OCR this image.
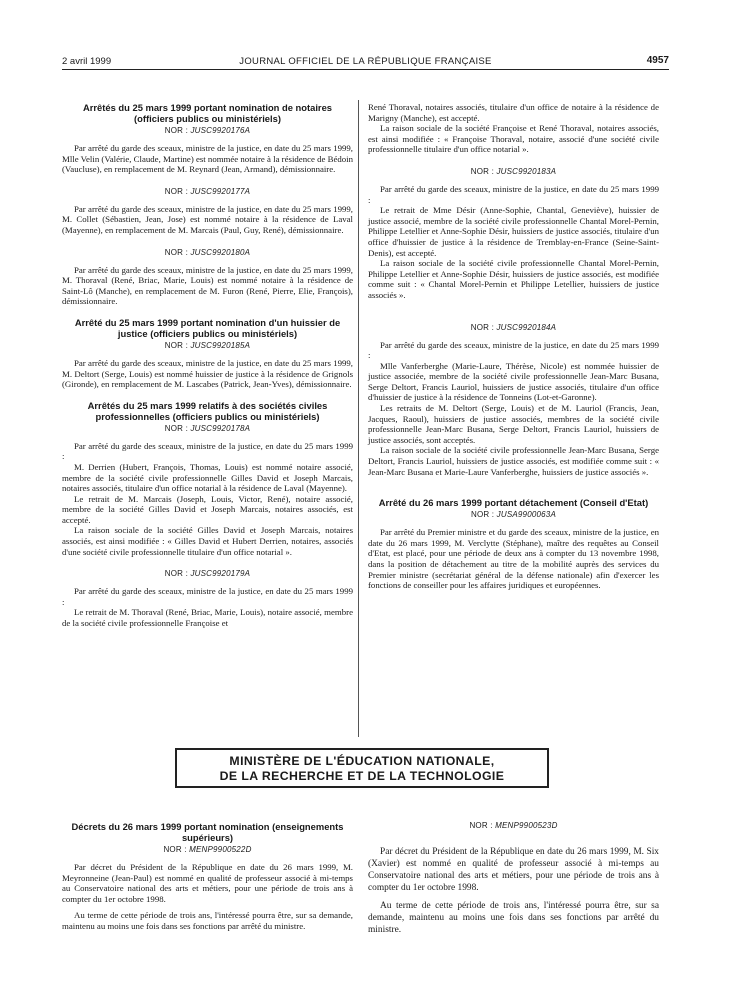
2 avril 1999	JOURNAL OFFICIEL DE LA RÉPUBLIQUE FRANÇAISE	4957
Arrêtés du 25 mars 1999 portant nomination de notaires (officiers publics ou ministériels)
NOR : JUSC9920176A

Par arrêté du garde des sceaux, ministre de la justice, en date du 25 mars 1999, Mlle Velin (Valérie, Claude, Martine) est nommée notaire à la résidence de Bédoin (Vaucluse), en remplacement de M. Reynard (Jean, Armand), démissionnaire.

NOR : JUSC9920177A

Par arrêté du garde des sceaux, ministre de la justice, en date du 25 mars 1999, M. Collet (Sébastien, Jean, Jose) est nommé notaire à la résidence de Laval (Mayenne), en remplacement de M. Marcais (Paul, Guy, René), démissionnaire.

NOR : JUSC9920180A

Par arrêté du garde des sceaux, ministre de la justice, en date du 25 mars 1999, M. Thoraval (René, Briac, Marie, Louis) est nommé notaire à la résidence de Saint-Lô (Manche), en remplacement de M. Furon (René, Pierre, Elie, François), démissionnaire.

Arrêté du 25 mars 1999 portant nomination d'un huissier de justice (officiers publics ou ministériels)
NOR : JUSC9920185A

Par arrêté du garde des sceaux, ministre de la justice, en date du 25 mars 1999, M. Deltort (Serge, Louis) est nommé huissier de justice à la résidence de Grignols (Gironde), en remplacement de M. Lascabes (Patrick, Jean-Yves), démissionnaire.

Arrêtés du 25 mars 1999 relatifs à des sociétés civiles professionnelles (officiers publics ou ministériels)
NOR : JUSC9920178A

Par arrêté du garde des sceaux, ministre de la justice, en date du 25 mars 1999 :

M. Derrien (Hubert, François, Thomas, Louis) est nommé notaire associé, membre de la société civile professionnelle Gilles David et Joseph Marcais, notaires associés, titulaire d'un office notarial à la résidence de Laval (Mayenne).

Le retrait de M. Marcais (Joseph, Louis, Victor, René), notaire associé, membre de la société Gilles David et Joseph Marcais, notaires associés, est accepté.

La raison sociale de la société Gilles David et Joseph Marcais, notaires associés, est ainsi modifiée : « Gilles David et Hubert Derrien, notaires, associés d'une société civile professionnelle titulaire d'un office notarial ».

NOR : JUSC9920179A

Par arrêté du garde des sceaux, ministre de la justice, en date du 25 mars 1999 :

Le retrait de M. Thoraval (René, Briac, Marie, Louis), notaire associé, membre de la société civile professionnelle Françoise et

René Thoraval, notaires associés, titulaire d'un office de notaire à la résidence de Marigny (Manche), est accepté.

La raison sociale de la société Françoise et René Thoraval, notaires associés, est ainsi modifiée : « Françoise Thoraval, notaire, associé d'une société civile professionnelle titulaire d'un office notarial ».

NOR : JUSC9920183A

Par arrêté du garde des sceaux, ministre de la justice, en date du 25 mars 1999 :

Le retrait de Mme Désir (Anne-Sophie, Chantal, Geneviève), huissier de justice associé, membre de la société civile professionnelle Chantal Morel-Pernin, Philippe Letellier et Anne-Sophie Désir, huissiers de justice associés, titulaire d'un office d'huissier de justice à la résidence de Tremblay-en-France (Seine-Saint-Denis), est accepté.

La raison sociale de la société civile professionnelle Chantal Morel-Pernin, Philippe Letellier et Anne-Sophie Désir, huissiers de justice associés, est modifiée comme suit : « Chantal Morel-Pernin et Philippe Letellier, huissiers de justice associés ».

NOR : JUSC9920184A

Par arrêté du garde des sceaux, ministre de la justice, en date du 25 mars 1999 :

Mlle Vanferberghe (Marie-Laure, Thérèse, Nicole) est nommée huissier de justice associée, membre de la société civile professionnelle Jean-Marc Busana, Serge Deltort, Francis Lauriol, huissiers de justice associés, titulaire d'un office d'huissier de justice à la résidence de Tonneins (Lot-et-Garonne).

Les retraits de M. Deltort (Serge, Louis) et de M. Lauriol (Francis, Jean, Jacques, Raoul), huissiers de justice associés, membres de la société civile professionnelle Jean-Marc Busana, Serge Deltort, Francis Lauriol, huissiers de justice associés, sont acceptés.

La raison sociale de la société civile professionnelle Jean-Marc Busana, Serge Deltort, Francis Lauriol, huissiers de justice associés, est modifiée comme suit : « Jean-Marc Busana et Marie-Laure Vanferberghe, huissiers de justice associés ».

Arrêté du 26 mars 1999 portant détachement (Conseil d'Etat)
NOR : JUSA9900063A

Par arrêté du Premier ministre et du garde des sceaux, ministre de la justice, en date du 26 mars 1999, M. Verclytte (Stéphane), maître des requêtes au Conseil d'Etat, est placé, pour une période de deux ans à compter du 13 novembre 1998, dans la position de détachement au titre de la mobilité auprès des services du Premier ministre (secrétariat général de la défense nationale) afin d'exercer les fonctions de conseiller pour les affaires juridiques et européennes.

MINISTÈRE DE L'ÉDUCATION NATIONALE,
DE LA RECHERCHE ET DE LA TECHNOLOGIE
Décrets du 26 mars 1999 portant nomination (enseignements supérieurs)
NOR : MENP9900522D

Par décret du Président de la République en date du 26 mars 1999, M. Meyronneine (Jean-Paul) est nommé en qualité de professeur associé à mi-temps au Conservatoire national des arts et métiers, pour une période de trois ans à compter du 1er octobre 1998.

Au terme de cette période de trois ans, l'intéressé pourra être, sur sa demande, maintenu au moins une fois dans ses fonctions par arrêté du ministre.

NOR : MENP9900523D

Par décret du Président de la République en date du 26 mars 1999, M. Six (Xavier) est nommé en qualité de professeur associé à mi-temps au Conservatoire national des arts et métiers, pour une période de trois ans à compter du 1er octobre 1998.

Au terme de cette période de trois ans, l'intéressé pourra être, sur sa demande, maintenu au moins une fois dans ses fonctions par arrêté du ministre.
